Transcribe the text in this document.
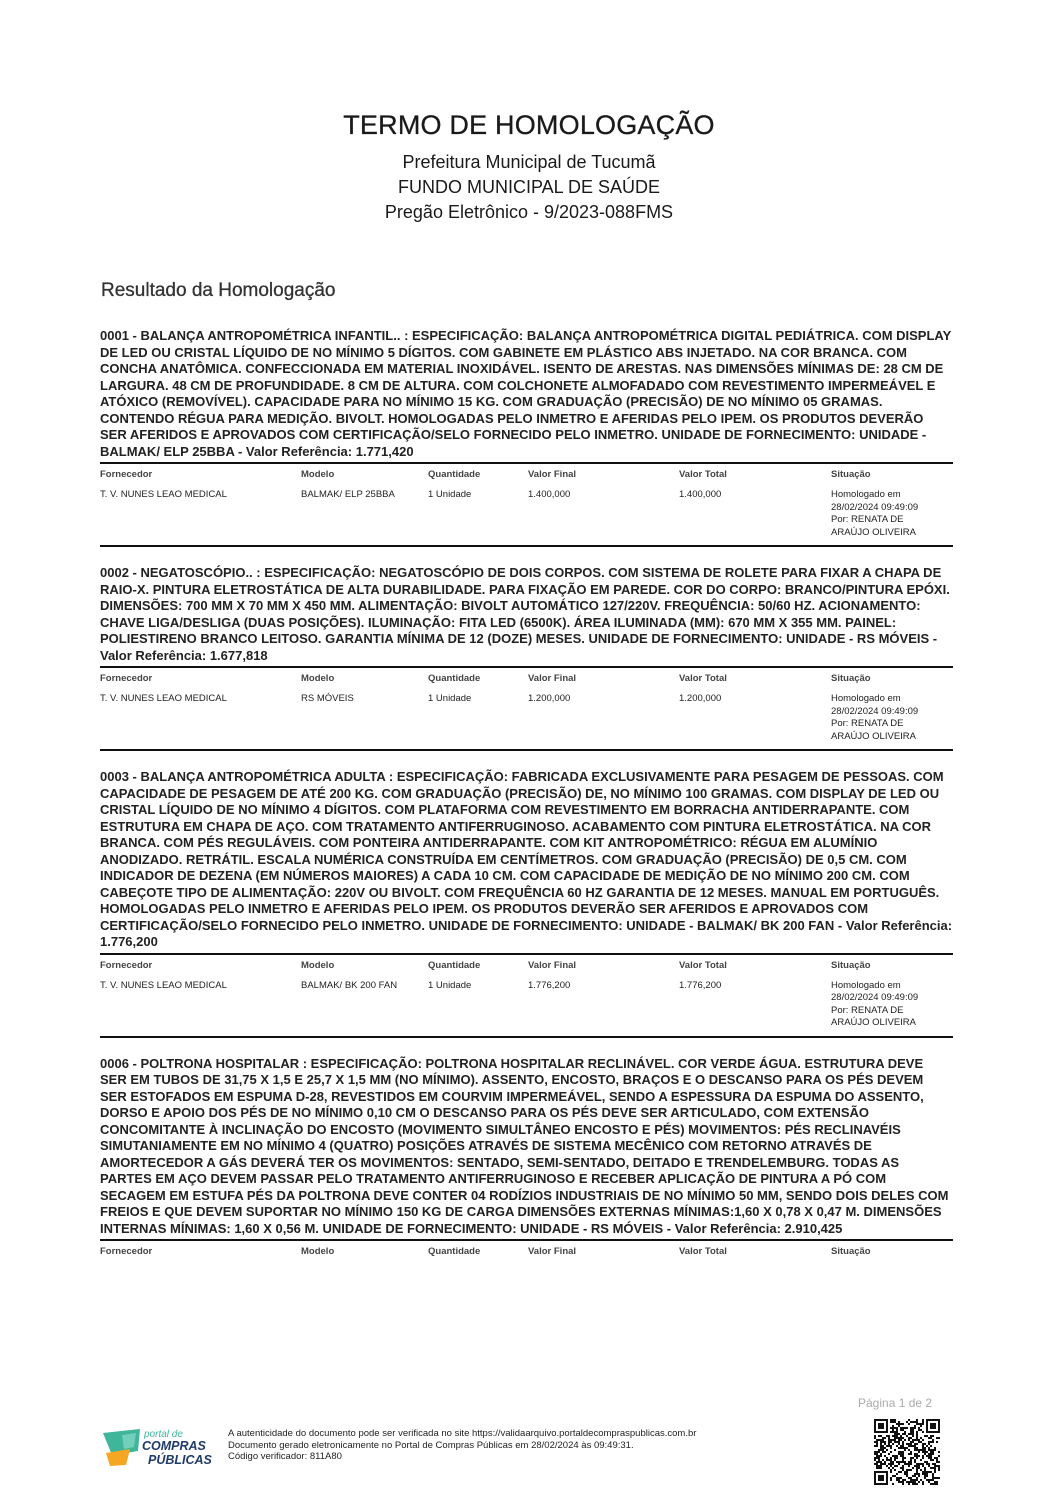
TERMO DE HOMOLOGAÇÃO
Prefeitura Municipal de Tucumã
FUNDO MUNICIPAL DE SAÚDE
Pregão Eletrônico - 9/2023-088FMS
Resultado da Homologação
0001 - BALANÇA ANTROPOMÉTRICA INFANTIL.. : ESPECIFICAÇÃO: BALANÇA ANTROPOMÉTRICA DIGITAL PEDIÁTRICA. COM DISPLAY DE LED OU CRISTAL LÍQUIDO DE NO MÍNIMO 5 DÍGITOS. COM GABINETE EM PLÁSTICO ABS INJETADO. NA COR BRANCA. COM CONCHA ANATÔMICA. CONFECCIONADA EM MATERIAL INOXIDÁVEL. ISENTO DE ARESTAS. NAS DIMENSÕES MÍNIMAS DE: 28 CM DE LARGURA. 48 CM DE PROFUNDIDADE. 8 CM DE ALTURA. COM COLCHONETE ALMOFADADO COM REVESTIMENTO IMPERMEÁVEL E ATÓXICO (REMOVÍVEL). CAPACIDADE PARA NO MÍNIMO 15 KG. COM GRADUAÇÃO (PRECISÃO) DE NO MÍNIMO 05 GRAMAS. CONTENDO RÉGUA PARA MEDIÇÃO. BIVOLT. HOMOLOGADAS PELO INMETRO E AFERIDAS PELO IPEM. OS PRODUTOS DEVERÃO SER AFERIDOS E APROVADOS COM CERTIFICAÇÃO/SELO FORNECIDO PELO INMETRO. UNIDADE DE FORNECIMENTO: UNIDADE - BALMAK/ ELP 25BBA - Valor Referência: 1.771,420
Fornecedor	Modelo	Quantidade	Valor Final	Valor Total	Situação
T. V. NUNES LEAO MEDICAL	BALMAK/ ELP 25BBA	1 Unidade	1.400,000	1.400,000	Homologado em
28/02/2024 09:49:09
Por: RENATA DE
ARAÚJO OLIVEIRA
0002 - NEGATOSCÓPIO.. : ESPECIFICAÇÃO: NEGATOSCÓPIO DE DOIS CORPOS. COM SISTEMA DE ROLETE PARA FIXAR A CHAPA DE RAIO-X. PINTURA ELETROSTÁTICA DE ALTA DURABILIDADE. PARA FIXAÇÃO EM PAREDE. COR DO CORPO: BRANCO/PINTURA EPÓXI. DIMENSÕES: 700 MM X 70 MM X 450 MM. ALIMENTAÇÃO: BIVOLT AUTOMÁTICO 127/220V. FREQUÊNCIA: 50/60 HZ. ACIONAMENTO: CHAVE LIGA/DESLIGA (DUAS POSIÇÕES). ILUMINAÇÃO: FITA LED (6500K). ÁREA ILUMINADA (MM): 670 MM X 355 MM. PAINEL: POLIESTIRENO BRANCO LEITOSO. GARANTIA MÍNIMA DE 12 (DOZE) MESES. UNIDADE DE FORNECIMENTO: UNIDADE - RS MÓVEIS - Valor Referência: 1.677,818
Fornecedor	Modelo	Quantidade	Valor Final	Valor Total	Situação
T. V. NUNES LEAO MEDICAL	RS MÓVEIS	1 Unidade	1.200,000	1.200,000	Homologado em
28/02/2024 09:49:09
Por: RENATA DE
ARAÚJO OLIVEIRA
0003 - BALANÇA ANTROPOMÉTRICA ADULTA : ESPECIFICAÇÃO: FABRICADA EXCLUSIVAMENTE PARA PESAGEM DE PESSOAS. COM CAPACIDADE DE PESAGEM DE ATÉ 200 KG. COM GRADUAÇÃO (PRECISÃO) DE, NO MÍNIMO 100 GRAMAS. COM DISPLAY DE LED OU CRISTAL LÍQUIDO DE NO MÍNIMO 4 DÍGITOS. COM PLATAFORMA COM REVESTIMENTO EM BORRACHA ANTIDERRAPANTE. COM ESTRUTURA EM CHAPA DE AÇO. COM TRATAMENTO ANTIFERRUGINOSO. ACABAMENTO COM PINTURA ELETROSTÁTICA. NA COR BRANCA. COM PÉS REGULÁVEIS. COM PONTEIRA ANTIDERRAPANTE. COM KIT ANTROPOMÉTRICO: RÉGUA EM ALUMÍNIO ANODIZADO. RETRÁTIL. ESCALA NUMÉRICA CONSTRUÍDA EM CENTÍMETROS. COM GRADUAÇÃO (PRECISÃO) DE 0,5 CM. COM INDICADOR DE DEZENA (EM NÚMEROS MAIORES) A CADA 10 CM. COM CAPACIDADE DE MEDIÇÃO DE NO MÍNIMO 200 CM. COM CABEÇOTE TIPO DE ALIMENTAÇÃO: 220V OU BIVOLT. COM FREQUÊNCIA 60 HZ GARANTIA DE 12 MESES. MANUAL EM PORTUGUÊS. HOMOLOGADAS PELO INMETRO E AFERIDAS PELO IPEM. OS PRODUTOS DEVERÃO SER AFERIDOS E APROVADOS COM CERTIFICAÇÃO/SELO FORNECIDO PELO INMETRO. UNIDADE DE FORNECIMENTO: UNIDADE - BALMAK/ BK 200 FAN - Valor Referência: 1.776,200
Fornecedor	Modelo	Quantidade	Valor Final	Valor Total	Situação
T. V. NUNES LEAO MEDICAL	BALMAK/ BK 200 FAN	1 Unidade	1.776,200	1.776,200	Homologado em
28/02/2024 09:49:09
Por: RENATA DE
ARAÚJO OLIVEIRA
0006 - POLTRONA HOSPITALAR : ESPECIFICAÇÃO: POLTRONA HOSPITALAR RECLINÁVEL. COR VERDE ÁGUA. ESTRUTURA DEVE SER EM TUBOS DE 31,75 X 1,5 E 25,7 X 1,5 MM (NO MÍNIMO). ASSENTO, ENCOSTO, BRAÇOS E O DESCANSO PARA OS PÉS DEVEM SER ESTOFADOS EM ESPUMA D-28, REVESTIDOS EM COURVIM IMPERMEÁVEL, SENDO A ESPESSURA DA ESPUMA DO ASSENTO, DORSO E APOIO DOS PÉS DE NO MÍNIMO 0,10 CM O DESCANSO PARA OS PÉS DEVE SER ARTICULADO, COM EXTENSÃO CONCOMITANTE À INCLINAÇÃO DO ENCOSTO (MOVIMENTO SIMULTÂNEO ENCOSTO E PÉS) MOVIMENTOS: PÉS RECLINAVÉIS SIMUTANIAMENTE EM NO MÍNIMO 4 (QUATRO) POSIÇÕES ATRAVÉS DE SISTEMA MECÊNICO COM RETORNO ATRAVÉS DE AMORTECEDOR A GÁS DEVERÁ TER OS MOVIMENTOS: SENTADO, SEMI-SENTADO, DEITADO E TRENDELEMBURG. TODAS AS PARTES EM AÇO DEVEM PASSAR PELO TRATAMENTO ANTIFERRUGINOSO E RECEBER APLICAÇÃO DE PINTURA A PÓ COM SECAGEM EM ESTUFA PÉS DA POLTRONA DEVE CONTER 04 RODÍZIOS INDUSTRIAIS DE NO MÍNIMO 50 MM, SENDO DOIS DELES COM FREIOS E QUE DEVEM SUPORTAR NO MÍNIMO 150 KG DE CARGA DIMENSÕES EXTERNAS MÍNIMAS:1,60 X 0,78 X 0,47 M. DIMENSÕES INTERNAS MÍNIMAS: 1,60 X 0,56 M. UNIDADE DE FORNECIMENTO: UNIDADE - RS MÓVEIS - Valor Referência: 2.910,425
Fornecedor	Modelo	Quantidade	Valor Final	Valor Total	Situação
Página 1 de 2
portal de
COMPRAS
PÚBLICAS
A autenticidade do documento pode ser verificada no site https://validaarquivo.portaldecompraspublicas.com.br
Documento gerado eletronicamente no Portal de Compras Públicas em 28/02/2024 às 09:49:31.
Código verificador: 811A80
